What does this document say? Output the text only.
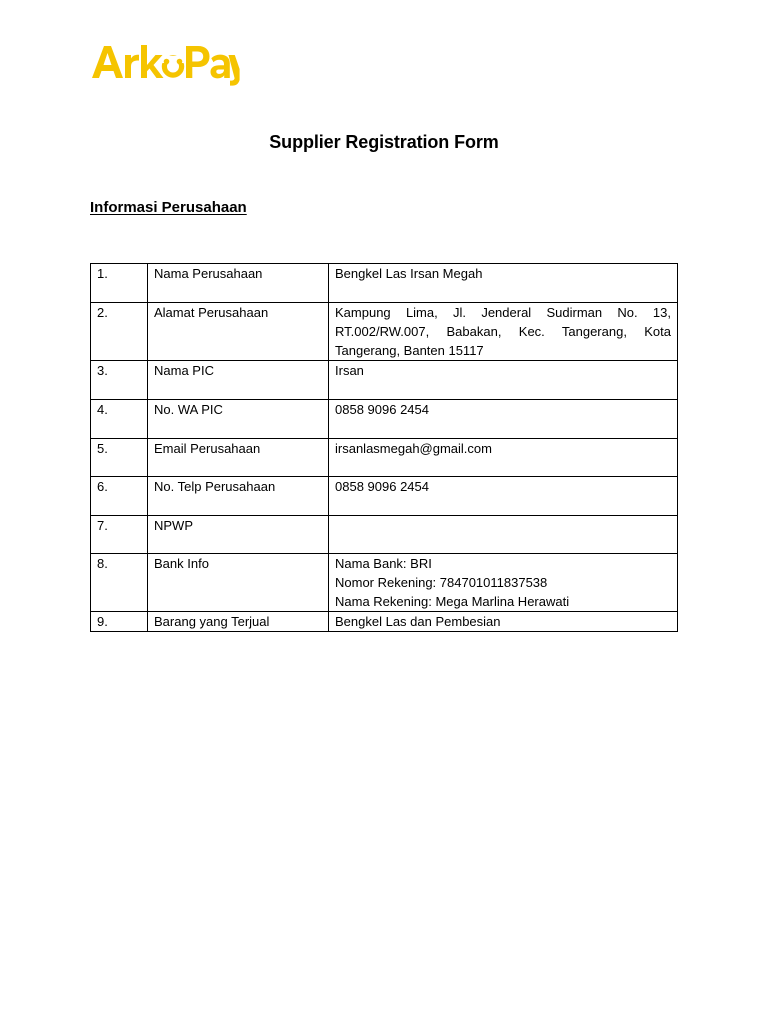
Supplier Registration Form
Informasi Perusahaan
1.	Nama Perusahaan	Bengkel Las Irsan Megah
2.	Alamat Perusahaan	Kampung Lima, Jl. Jenderal Sudirman No. 13, RT.002/RW.007, Babakan, Kec. Tangerang, Kota Tangerang, Banten 15117

3.	Nama PIC	Irsan
4.	No. WA PIC	0858 9096 2454
5.	Email Perusahaan	irsanlasmegah@gmail.com
6.	No. Telp Perusahaan	0858 9096 2454
7.	NPWP	
8.	Bank Info	Nama Bank: BRI
Nomor Rekening: 784701011837538
Nama Rekening: Mega Marlina Herawati

9.	Barang yang Terjual	Bengkel Las dan Pembesian
